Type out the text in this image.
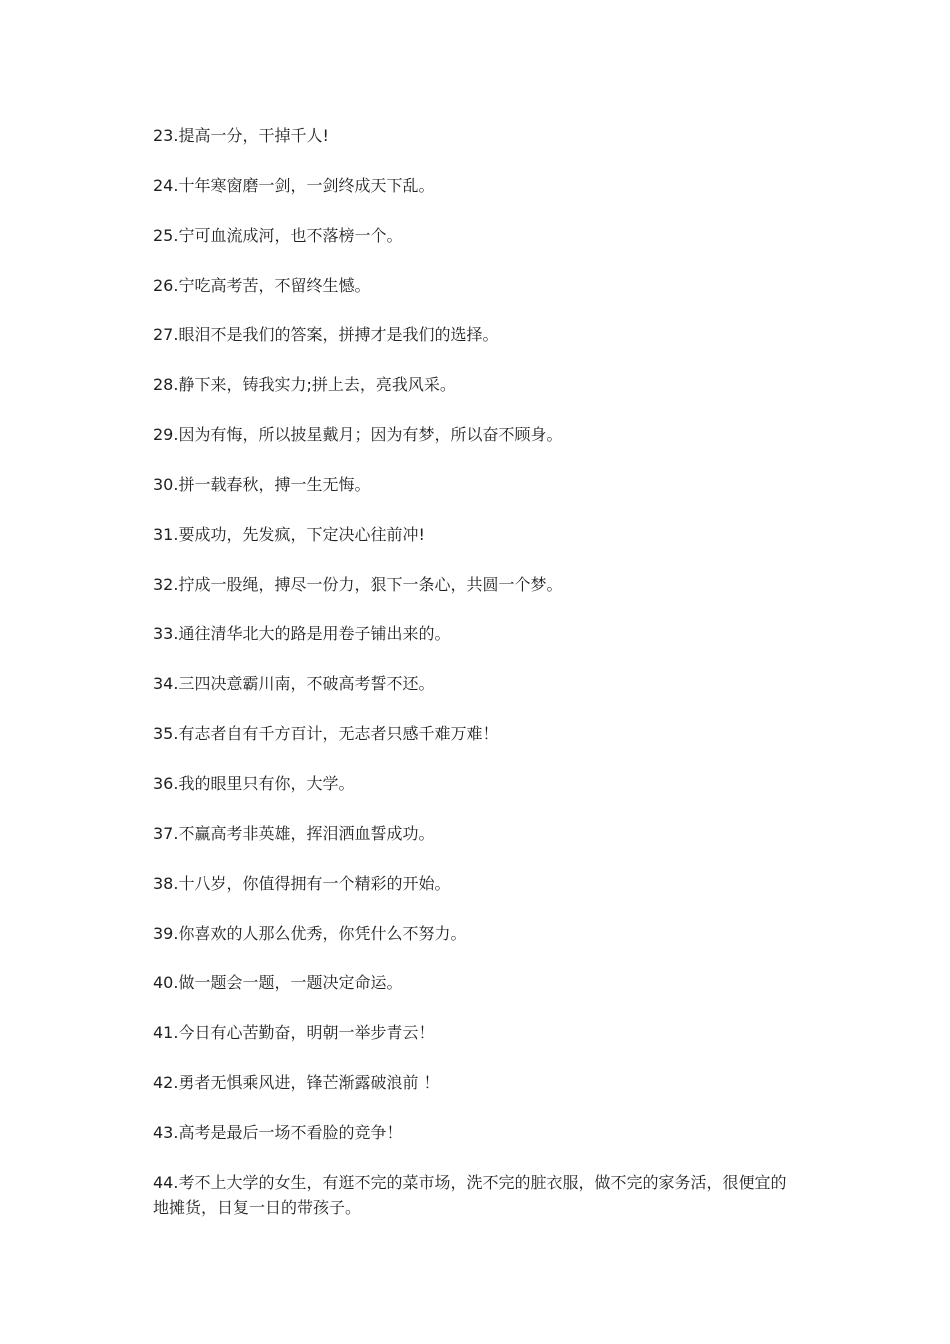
23.提高一分，干掉千人!
24.十年寒窗磨一剑，一剑终成天下乱。
25.宁可血流成河，也不落榜一个。
26.宁吃高考苦，不留终生憾。
27.眼泪不是我们的答案，拼搏才是我们的选择。
28.静下来，铸我实力;拼上去，亮我风采。
29.因为有悔，所以披星戴月；因为有梦，所以奋不顾身。
30.拼一载春秋，搏一生无悔。
31.要成功，先发疯，下定决心往前冲!
32.拧成一股绳，搏尽一份力，狠下一条心，共圆一个梦。
33.通往清华北大的路是用卷子铺出来的。
34.三四决意霸川南，不破高考誓不还。
35.有志者自有千方百计，无志者只感千难万难！
36.我的眼里只有你，大学。
37.不赢高考非英雄，挥泪洒血誓成功。
38.十八岁，你值得拥有一个精彩的开始。
39.你喜欢的人那么优秀，你凭什么不努力。
40.做一题会一题，一题决定命运。
41.今日有心苦勤奋，明朝一举步青云！
42.勇者无惧乘风进，锋芒渐露破浪前 ！
43.高考是最后一场不看脸的竞争！
44.考不上大学的女生，有逛不完的菜市场，洗不完的脏衣服，做不完的家务活，很便宜的地摊货，日复一日的带孩子。
